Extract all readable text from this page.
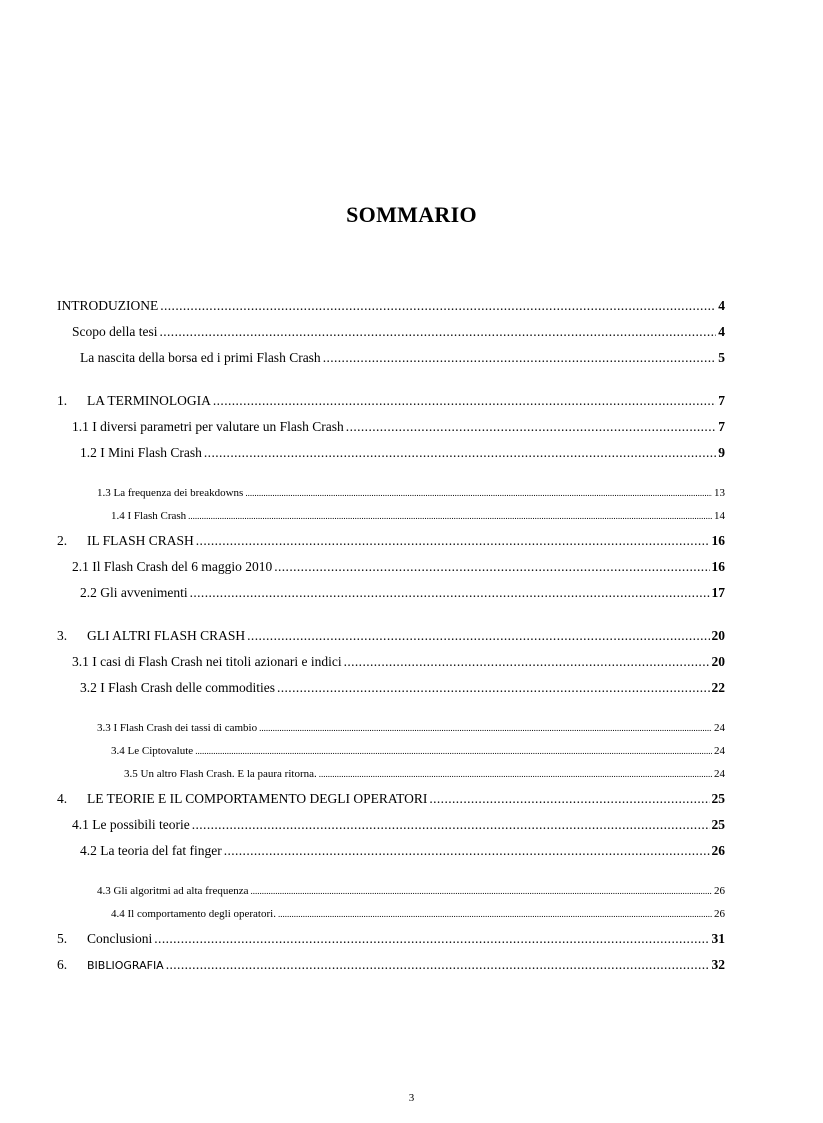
SOMMARIO
INTRODUZIONE .....	4
Scopo della tesi .....	4
La nascita della borsa ed i primi Flash Crash .....	5
1.	LA TERMINOLOGIA .....	7
1.1 I diversi parametri per valutare un Flash Crash .....	7
1.2 I Mini Flash Crash .....	9
1.3 La frequenza dei breakdowns .....	13
1.4 I Flash Crash .....	14
2.	IL FLASH CRASH .....	16
2.1 Il Flash Crash del 6 maggio 2010 .....	16
2.2 Gli avvenimenti .....	17
3.	GLI ALTRI FLASH CRASH .....	20
3.1 I casi di Flash Crash nei titoli azionari e indici .....	20
3.2 I Flash Crash delle commodities .....	22
3.3 I Flash Crash dei tassi di cambio .....	24
3.4 Le Ciptovalute .....	24
3.5 Un altro Flash Crash. E la paura ritorna. .....	24
4.	LE TEORIE E IL COMPORTAMENTO DEGLI OPERATORI .....	25
4.1 Le possibili teorie .....	25
4.2 La teoria del fat finger .....	26
4.3 Gli algoritmi ad alta frequenza .....	26
4.4 Il comportamento degli operatori. .....	26
5.	Conclusioni .....	31
6.	BIBLIOGRAFIA .....	32
3
